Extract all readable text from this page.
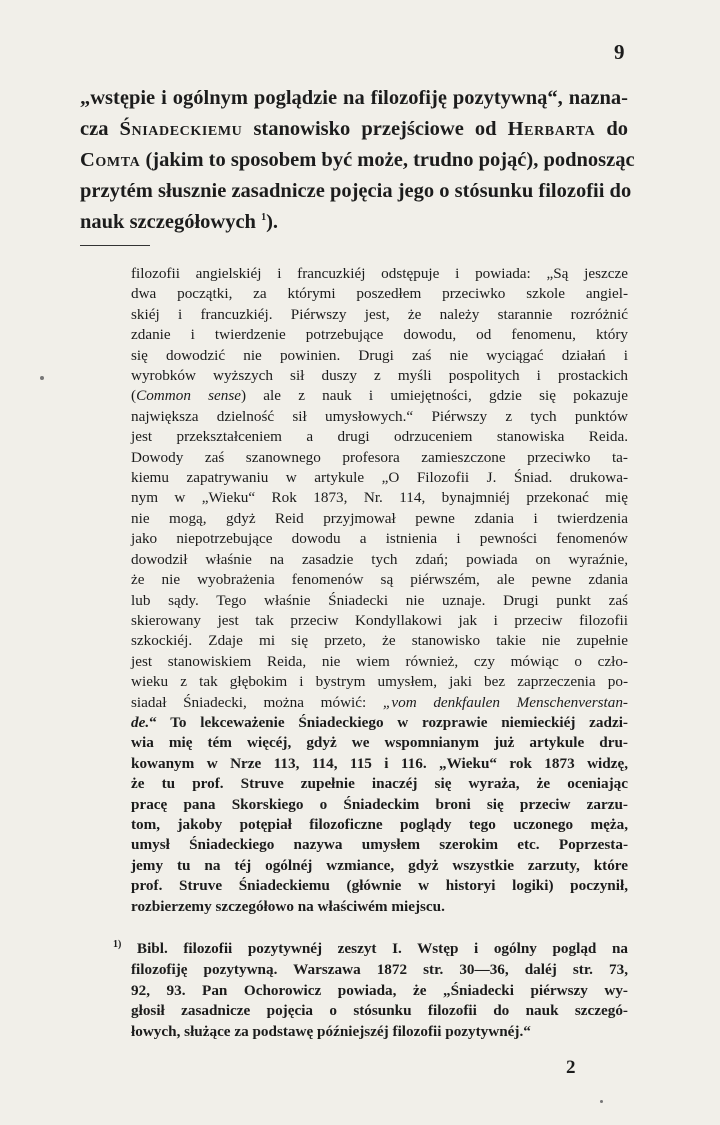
9
„wstępie i ogólnym poglądzie na filozofiję pozytywną“, nazna-
cza Śniadeckiemu stanowisko przejściowe od Herbarta do
Comta (jakim to sposobem być może, trudno pojąć), podnosząc
przytém słusznie zasadnicze pojęcia jego o stósunku filozofii do
nauk szczegółowych $^1$).
filozofii angielskiéj i francuzkiéj odstępuje i powiada: „Są jeszcze
dwa początki, za którymi poszedłem przeciwko szkole angiel-
skiéj i francuzkiéj. Piérwszy jest, że należy starannie rozróżnić
zdanie i twierdzenie potrzebujące dowodu, od fenomenu, który
się dowodzić nie powinien. Drugi zaś nie wyciągać działań i
wyrobków wyższych sił duszy z myśli pospolitych i prostackich
(Common sense) ale z nauk i umiejętności, gdzie się pokazuje
największa dzielność sił umysłowych.“ Piérwszy z tych punktów
jest przekształceniem a drugi odrzuceniem stanowiska Reida.
Dowody zaś szanownego profesora zamieszczone przeciwko ta-
kiemu zapatrywaniu w artykule „O Filozofii J. Śniad. drukowa-
nym w „Wieku“ Rok 1873, Nr. 114, bynajmniéj przekonać mię
nie mogą, gdyż Reid przyjmował pewne zdania i twierdzenia
jako niepotrzebujące dowodu a istnienia i pewności fenomenów
dowodził właśnie na zasadzie tych zdań; powiada on wyraźnie,
że nie wyobrażenia fenomenów są piérwszém, ale pewne zdania
lub sądy. Tego właśnie Śniadecki nie uznaje. Drugi punkt zaś
skierowany jest tak przeciw Kondyllakowi jak i przeciw filozofii
szkockiéj. Zdaje mi się przeto, że stanowisko takie nie zupełnie
jest stanowiskiem Reida, nie wiem również, czy mówiąc o czło-
wieku z tak głębokim i bystrym umysłem, jaki bez zaprzeczenia po-
siadał Śniadecki, można mówić: „vom denkfaulen Menschenverstan-
de.“ To lekceważenie Śniadeckiego w rozprawie niemieckiéj zadzi-
wia mię tém więcéj, gdyż we wspomnianym już artykule dru-
kowanym w Nrze 113, 114, 115 i 116. „Wieku“ rok 1873 widzę,
że tu prof. Struve zupełnie inaczéj się wyraża, że oceniając
pracę pana Skorskiego o Śniadeckim broni się przeciw zarzu-
tom, jakoby potępiał filozoficzne poglądy tego uczonego męża,
umysł Śniadeckiego nazywa umysłem szerokim etc. Poprzesta-
jemy tu na téj ogólnéj wzmiance, gdyż wszystkie zarzuty, które
prof. Struve Śniadeckiemu (głównie w historyi logiki) poczynił,
rozbierzemy szczegółowo na właściwém miejscu.
$^{1)}$ Bibl. filozofii pozytywnéj zeszyt I. Wstęp i ogólny pogląd na
filozofiję pozytywną. Warszawa 1872 str. 30—36, daléj str. 73,
92, 93. Pan Ochorowicz powiada, że „Śniadecki piérwszy wy-
głosił zasadnicze pojęcia o stósunku filozofii do nauk szczegó-
łowych, służące za podstawę późniejszéj filozofii pozytywnéj.“
2
